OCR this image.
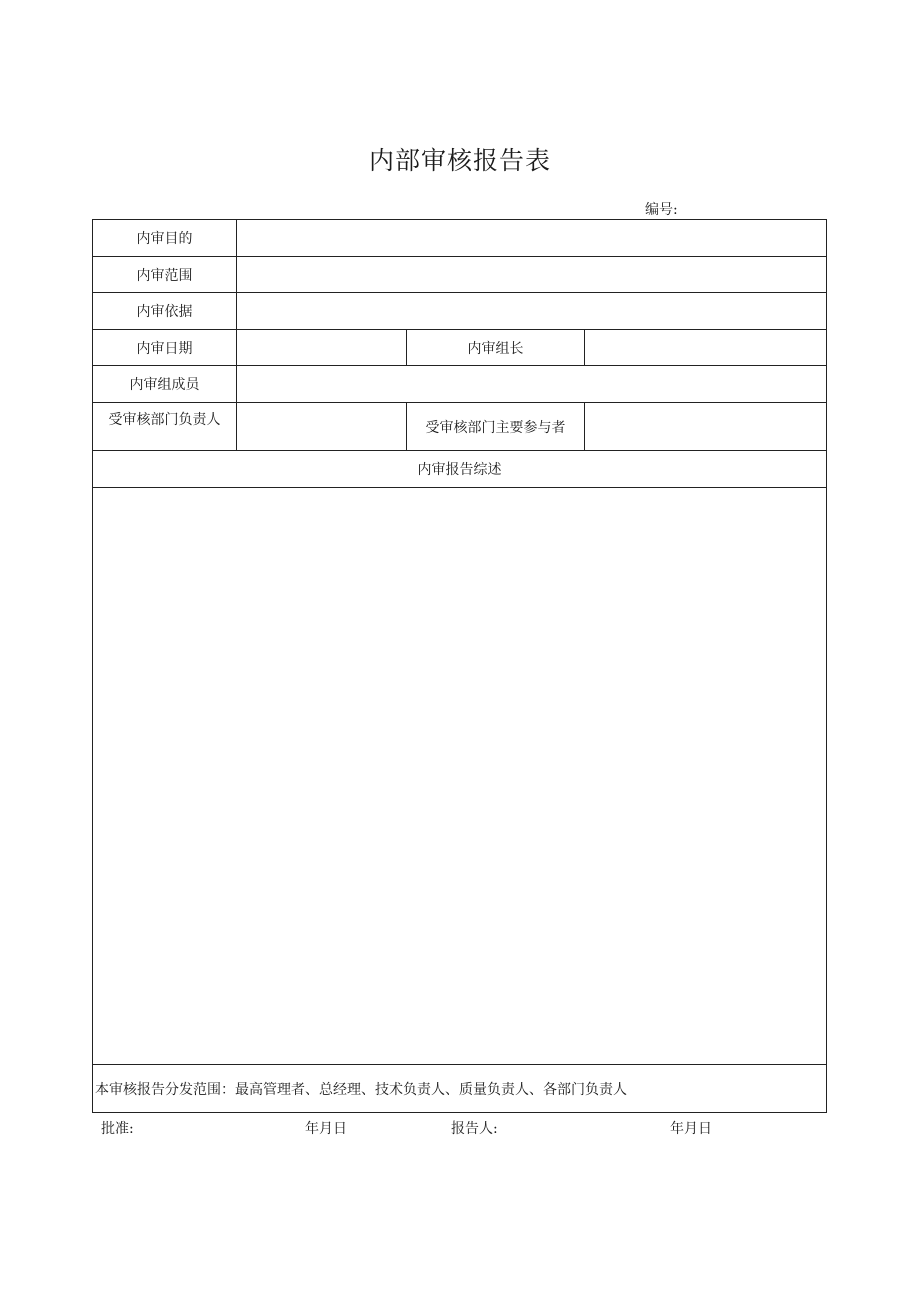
内部审核报告表
编号:
内审目的			
内审范围			
内审依据			
内审日期		内审组长	
内审组成员			
受审核部门负责人		受审核部门主要参与者	
内审报告综述			

本审核报告分发范围：最高管理者、总经理、技术负责人、质量负责人、各部门负责人			
批准:	年月日	报告人:	年月日
